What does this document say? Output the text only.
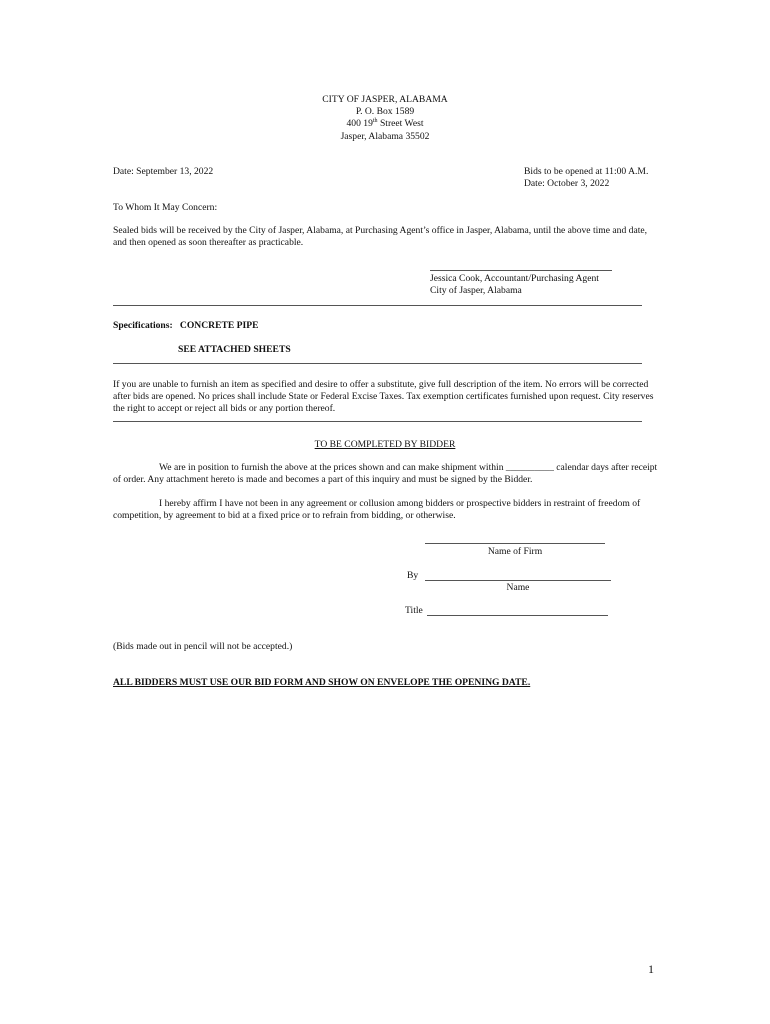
CITY OF JASPER, ALABAMA
P. O. Box 1589
400 19th Street West
Jasper, Alabama 35502
Date: September 13, 2022	Bids to be opened at 11:00 A.M.
Date: October 3, 2022
To Whom It May Concern:
Sealed bids will be received by the City of Jasper, Alabama, at Purchasing Agent’s office in Jasper, Alabama, until the above time and date, and then opened as soon thereafter as practicable.
Jessica Cook, Accountant/Purchasing Agent
City of Jasper, Alabama
Specifications: CONCRETE PIPE
SEE ATTACHED SHEETS
If you are unable to furnish an item as specified and desire to offer a substitute, give full description of the item. No errors will be corrected after bids are opened. No prices shall include State or Federal Excise Taxes. Tax exemption certificates furnished upon request. City reserves the right to accept or reject all bids or any portion thereof.
TO BE COMPLETED BY BIDDER
We are in position to furnish the above at the prices shown and can make shipment within __________ calendar days after receipt of order. Any attachment hereto is made and becomes a part of this inquiry and must be signed by the Bidder.
I hereby affirm I have not been in any agreement or collusion among bidders or prospective bidders in restraint of freedom of competition, by agreement to bid at a fixed price or to refrain from bidding, or otherwise.
Name of Firm
By
Name
Title
(Bids made out in pencil will not be accepted.)
ALL BIDDERS MUST USE OUR BID FORM AND SHOW ON ENVELOPE THE OPENING DATE.
1
